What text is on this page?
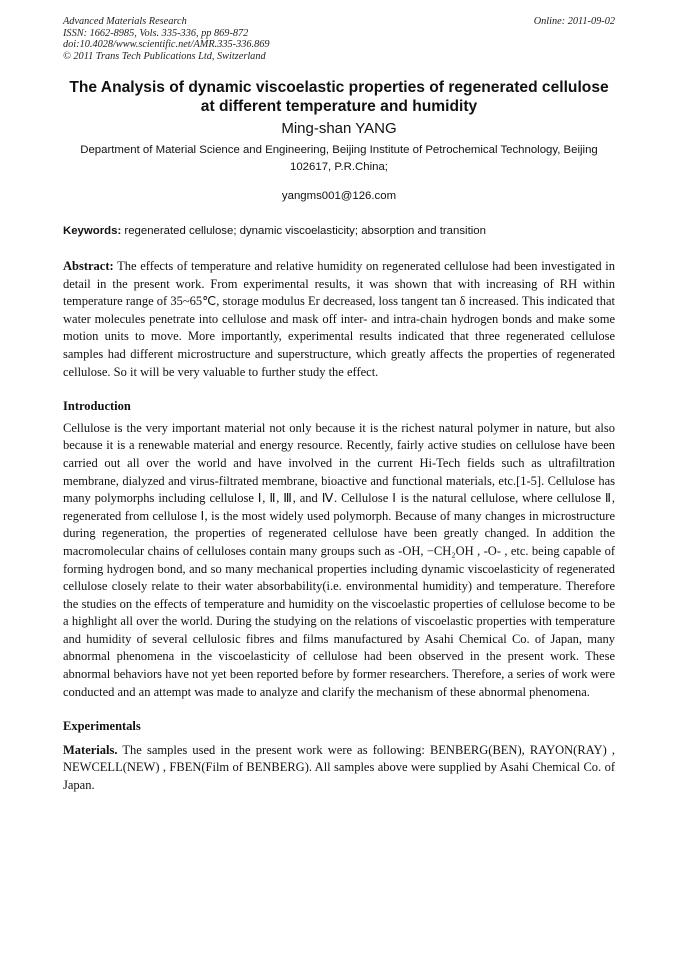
Advanced Materials Research
ISSN: 1662-8985, Vols. 335-336, pp 869-872
doi:10.4028/www.scientific.net/AMR.335-336.869
© 2011 Trans Tech Publications Ltd, Switzerland
Online: 2011-09-02
The Analysis of dynamic viscoelastic properties of regenerated cellulose at different temperature and humidity
Ming-shan YANG
Department of Material Science and Engineering, Beijing Institute of Petrochemical Technology, Beijing 102617, P.R.China;
yangms001@126.com
Keywords: regenerated cellulose; dynamic viscoelasticity; absorption and transition

Abstract: The effects of temperature and relative humidity on regenerated cellulose had been investigated in detail in the present work. From experimental results, it was shown that with increasing of RH within temperature range of 35~65℃, storage modulus Er decreased, loss tangent tan δ increased. This indicated that water molecules penetrate into cellulose and mask off inter- and intra-chain hydrogen bonds and make some motion units to move. More importantly, experimental results indicated that three regenerated cellulose samples had different microstructure and superstructure, which greatly affects the properties of regenerated cellulose. So it will be very valuable to further study the effect.

Introduction

Cellulose is the very important material not only because it is the richest natural polymer in nature, but also because it is a renewable material and energy resource. Recently, fairly active studies on cellulose have been carried out all over the world and have involved in the current Hi-Tech fields such as ultrafiltration membrane, dialyzed and virus-filtrated membrane, bioactive and functional materials, etc.[1-5]. Cellulose has many polymorphs including cellulose Ⅰ, Ⅱ, Ⅲ, and Ⅳ. Cellulose Ⅰ is the natural cellulose, where cellulose Ⅱ, regenerated from cellulose Ⅰ, is the most widely used polymorph. Because of many changes in microstructure during regeneration, the properties of regenerated cellulose have been greatly changed. In addition the macromolecular chains of celluloses contain many groups such as -OH, −CH₂OH , -O- , etc. being capable of forming hydrogen bond, and so many mechanical properties including dynamic viscoelasticity of regenerated cellulose closely relate to their water absorbability(i.e. environmental humidity) and temperature. Therefore the studies on the effects of temperature and humidity on the viscoelastic properties of cellulose become to be a highlight all over the world. During the studying on the relations of viscoelastic properties with temperature and humidity of several cellulosic fibres and films manufactured by Asahi Chemical Co. of Japan, many abnormal phenomena in the viscoelasticity of cellulose had been observed in the present work. These abnormal behaviors have not yet been reported before by former researchers. Therefore, a series of work were conducted and an attempt was made to analyze and clarify the mechanism of these abnormal phenomena.

Experimentals

Materials. The samples used in the present work were as following: BENBERG(BEN), RAYON(RAY) , NEWCELL(NEW) , FBEN(Film of BENBERG). All samples above were supplied by Asahi Chemical Co. of Japan.
